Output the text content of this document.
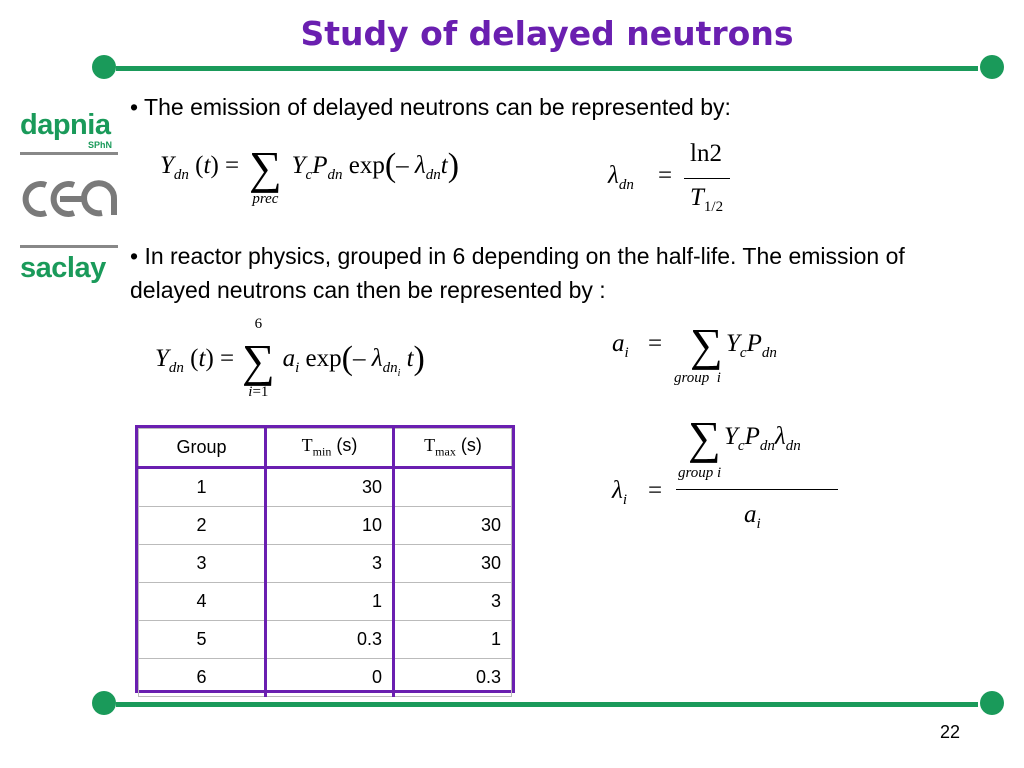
Study of delayed neutrons
dapnia
SPhN
saclay
• The emission of delayed neutrons can be represented by:
$Y_{dn}$ (t) = ∑
prec
$Y_cP_{dn}$ exp(– $\lambda_{dn}t$)	$\lambda_{dn}$ =
ln2
$T_{1/2}$
• In reactor physics, grouped in 6 depending on the half-life. The emission of delayed neutrons can then be represented by :
$Y_{dn}$ (t) =
6
∑
i=1
$a_i$ exp(– $\lambda_{dn_i}$ t)	$a_i$ = ∑
group  i
$Y_cP_{dn}$
∑ $Y_cP_{dn}\lambda_{dn}$
group i
$\lambda_i$ =
$a_i$
Group	$T_{min}$ (s)	$T_{max}$ (s)
1	30	
2	10	30
3	3	30
4	1	3
5	0.3	1
6	0	0.3
22
